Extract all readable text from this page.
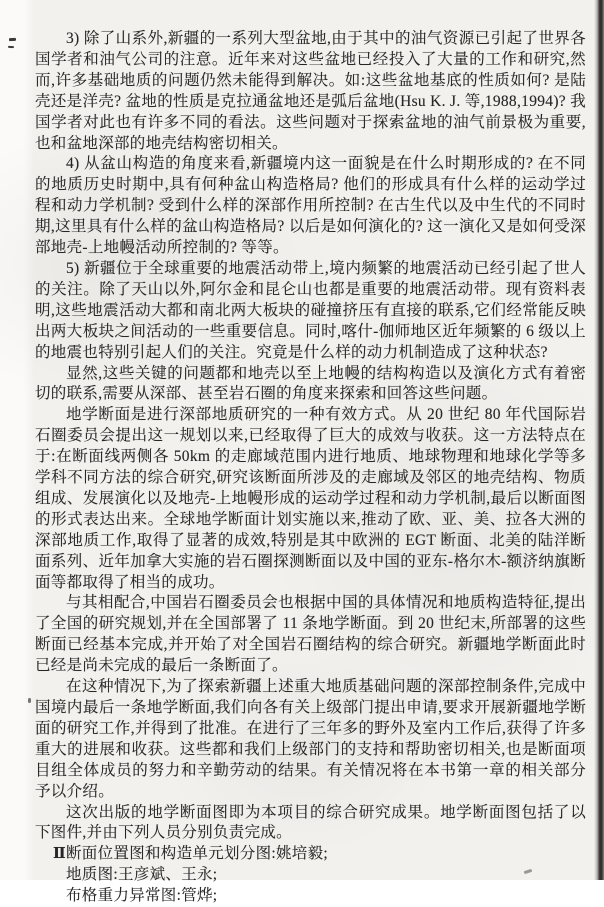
3) 除了山系外,新疆的一系列大型盆地,由于其中的油气资源已引起了世界各国学者和油气公司的注意。近年来对这些盆地已经投入了大量的工作和研究,然而,许多基础地质的问题仍然未能得到解决。如:这些盆地基底的性质如何? 是陆壳还是洋壳? 盆地的性质是克拉通盆地还是弧后盆地(Hsu K. J. 等,1988,1994)? 我国学者对此也有许多不同的看法。这些问题对于探索盆地的油气前景极为重要,也和盆地深部的地壳结构密切相关。

4) 从盆山构造的角度来看,新疆境内这一面貌是在什么时期形成的? 在不同的地质历史时期中,具有何种盆山构造格局? 他们的形成具有什么样的运动学过程和动力学机制? 受到什么样的深部作用所控制? 在古生代以及中生代的不同时期,这里具有什么样的盆山构造格局? 以后是如何演化的? 这一演化又是如何受深部地壳-上地幔活动所控制的? 等等。

5) 新疆位于全球重要的地震活动带上,境内频繁的地震活动已经引起了世人的关注。除了天山以外,阿尔金和昆仑山也都是重要的地震活动带。现有资料表明,这些地震活动大都和南北两大板块的碰撞挤压有直接的联系,它们经常能反映出两大板块之间活动的一些重要信息。同时,喀什-伽师地区近年频繁的 6 级以上的地震也特别引起人们的关注。究竟是什么样的动力机制造成了这种状态?

显然,这些关键的问题都和地壳以至上地幔的结构构造以及演化方式有着密切的联系,需要从深部、甚至岩石圈的角度来探索和回答这些问题。

地学断面是进行深部地质研究的一种有效方式。从 20 世纪 80 年代国际岩石圈委员会提出这一规划以来,已经取得了巨大的成效与收获。这一方法特点在于:在断面线两侧各 50km 的走廊域范围内进行地质、地球物理和地球化学等多学科不同方法的综合研究,研究该断面所涉及的走廊域及邻区的地壳结构、物质组成、发展演化以及地壳-上地幔形成的运动学过程和动力学机制,最后以断面图的形式表达出来。全球地学断面计划实施以来,推动了欧、亚、美、拉各大洲的深部地质工作,取得了显著的成效,特别是其中欧洲的 EGT 断面、北美的陆洋断面系列、近年加拿大实施的岩石圈探测断面以及中国的亚东-格尔木-额济纳旗断面等都取得了相当的成功。

与其相配合,中国岩石圈委员会也根据中国的具体情况和地质构造特征,提出了全国的研究规划,并在全国部署了 11 条地学断面。到 20 世纪末,所部署的这些断面已经基本完成,并开始了对全国岩石圈结构的综合研究。新疆地学断面此时已经是尚未完成的最后一条断面了。

在这种情况下,为了探索新疆上述重大地质基础问题的深部控制条件,完成中国境内最后一条地学断面,我们向各有关上级部门提出申请,要求开展新疆地学断面的研究工作,并得到了批准。在进行了三年多的野外及室内工作后,获得了许多重大的进展和收获。这些都和我们上级部门的支持和帮助密切相关,也是断面项目组全体成员的努力和辛勤劳动的结果。有关情况将在本书第一章的相关部分予以介绍。

这次出版的地学断面图即为本项目的综合研究成果。地学断面图包括了以下图件,并由下列人员分别负责完成。

断面位置图和构造单元划分图:姚培毅;

地质图:王彦斌、王永;

布格重力异常图:管烨;

Ⅱ
